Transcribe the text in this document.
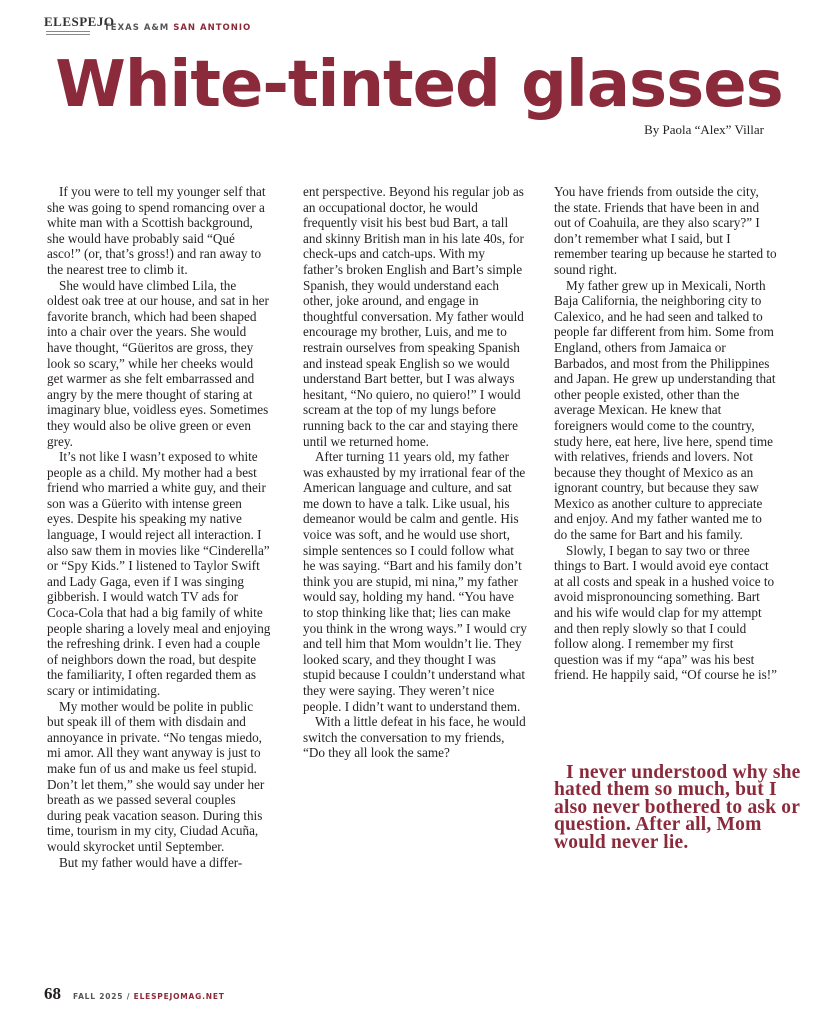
ELESPEJO
TEXAS A&M SAN ANTONIO
White-tinted glasses
By Paola “Alex” Villar

If you were to tell my younger self that she was going to spend romancing over a white man with a Scottish background, she would have probably said “Qué asco!” (or, that’s gross!) and ran away to the nearest tree to climb it.

She would have climbed Lila, the oldest oak tree at our house, and sat in her favorite branch, which had been shaped into a chair over the years. She would have thought, “Güeritos are gross, they look so scary,” while her cheeks would get warmer as she felt embarrassed and angry by the mere thought of staring at imaginary blue, voidless eyes. Sometimes they would also be olive green or even grey.

It’s not like I wasn’t exposed to white people as a child. My mother had a best friend who married a white guy, and their son was a Güerito with intense green eyes. Despite his speaking my native language, I would reject all interaction. I also saw them in movies like “Cinderella” or “Spy Kids.” I listened to Taylor Swift and Lady Gaga, even if I was singing gibberish. I would watch TV ads for Coca-Cola that had a big family of white people sharing a lovely meal and enjoying the refreshing drink. I even had a couple of neighbors down the road, but despite the familiarity, I often regarded them as scary or intimidating.

My mother would be polite in public but speak ill of them with disdain and annoyance in private. “No tengas miedo, mi amor. All they want anyway is just to make fun of us and make us feel stupid. Don’t let them,” she would say under her breath as we passed several couples during peak vacation season. During this time, tourism in my city, Ciudad Acuña, would skyrocket until September.

But my father would have a differ-

ent perspective. Beyond his regular job as an occupational doctor, he would frequently visit his best bud Bart, a tall and skinny British man in his late 40s, for check-ups and catch-ups. With my father’s broken English and Bart’s simple Spanish, they would understand each other, joke around, and engage in thoughtful conversation. My father would encourage my brother, Luis, and me to restrain ourselves from speaking Spanish and instead speak English so we would understand Bart better, but I was always hesitant, “No quiero, no quiero!” I would scream at the top of my lungs before running back to the car and staying there until we returned home.

After turning 11 years old, my father was exhausted by my irrational fear of the American language and culture, and sat me down to have a talk. Like usual, his demeanor would be calm and gentle. His voice was soft, and he would use short, simple sentences so I could follow what he was saying. “Bart and his family don’t think you are stupid, mi nina,” my father would say, holding my hand. “You have to stop thinking like that; lies can make you think in the wrong ways.” I would cry and tell him that Mom wouldn’t lie. They looked scary, and they thought I was stupid because I couldn’t understand what they were saying. They weren’t nice people. I didn’t want to understand them.

With a little defeat in his face, he would switch the conversation to my friends, “Do they all look the same?

You have friends from outside the city, the state. Friends that have been in and out of Coahuila, are they also scary?” I don’t remember what I said, but I remember tearing up because he started to sound right.

My father grew up in Mexicali, North Baja California, the neighboring city to Calexico, and he had seen and talked to people far different from him. Some from England, others from Jamaica or Barbados, and most from the Philippines and Japan. He grew up understanding that other people existed, other than the average Mexican. He knew that foreigners would come to the country, study here, eat here, live here, spend time with relatives, friends and lovers. Not because they thought of Mexico as an ignorant country, but because they saw Mexico as another culture to appreciate and enjoy. And my father wanted me to do the same for Bart and his family.

Slowly, I began to say two or three things to Bart. I would avoid eye contact at all costs and speak in a hushed voice to avoid mispronouncing something. Bart and his wife would clap for my attempt and then reply slowly so that I could follow along. I remember my first question was if my “apa” was his best friend. He happily said, “Of course he is!”

I never understood why she hated them so much, but I also never bothered to ask or question. After all, Mom would never lie.
68 FALL 2025 / ELESPEJOMAG.NET
